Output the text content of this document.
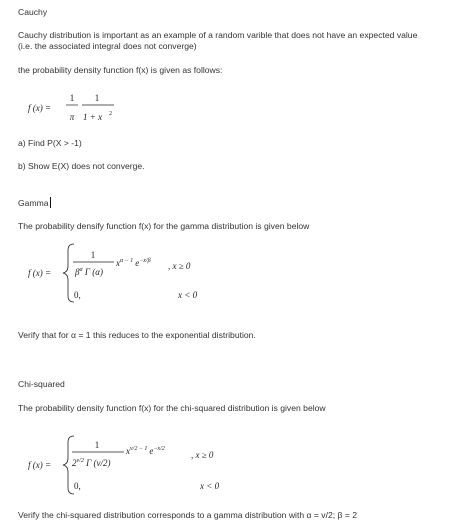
Cauchy
Cauchy distribution is important as an example of a random varible that does not have an expected value
(i.e. the associated integral does not converge)
the probability density function f(x) is given as follows:
f (x) =
1
π
1
1 + x 2
a) Find P(X > -1)
b) Show E(X) does not converge.
Gamma
The probability densify function f(x) for the gamma distribution is given below
f (x) =
1
$\beta^\alpha$ Γ (α)
$x^{\alpha - 1}$ $e^{-x/\beta}$ , x ≥ 0
0,	x < 0
Verify that for α = 1 this reduces to the exponential distribution.
Chi-squared
The probability density function f(x) for the chi-squared distribution is given below
f (x) =
1
$2^{v/2}$ Γ (v/2)
$x^{v/2 - 1}$ $e^{-x/2}$
, x ≥ 0
0,	x < 0
Verify the chi-squared distribution corresponds to a gamma distribution with α = v/2; β = 2
